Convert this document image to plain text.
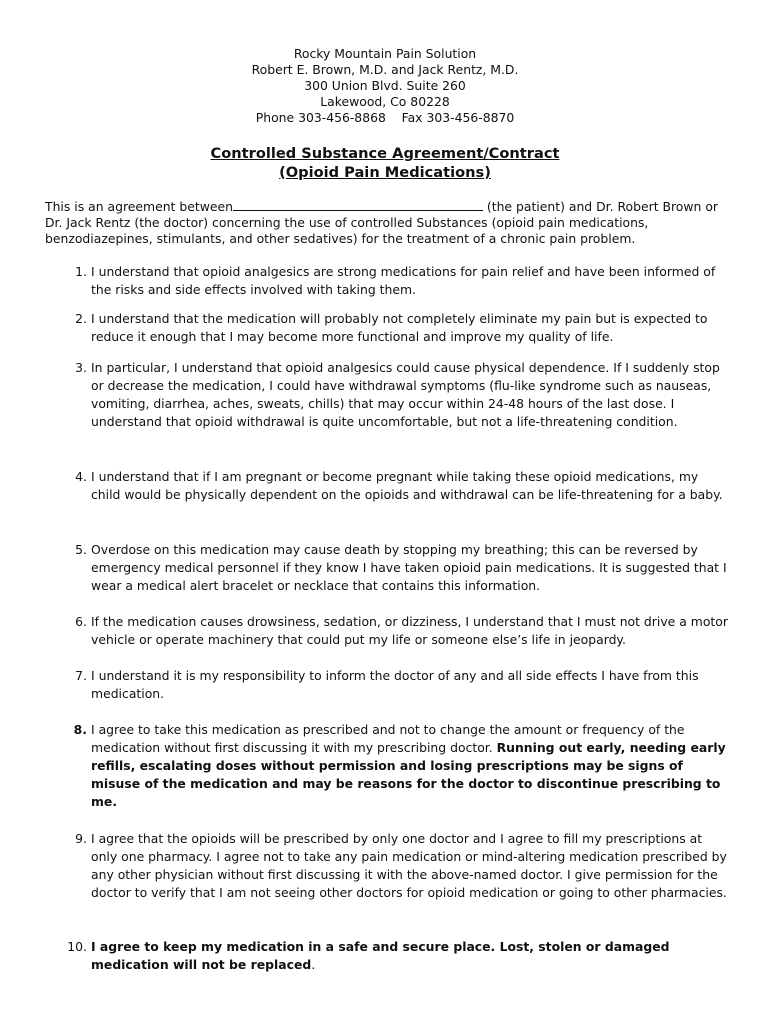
Rocky Mountain Pain Solution
Robert E. Brown, M.D. and Jack Rentz, M.D.
300 Union Blvd. Suite 260
Lakewood, Co 80228
Phone 303-456-8868    Fax 303-456-8870
Controlled Substance Agreement/Contract
(Opioid Pain Medications)
This is an agreement between	(the patient) and Dr. Robert Brown or Dr. Jack Rentz (the doctor) concerning the use of controlled Substances (opioid pain medications, benzodiazepines, stimulants, and other sedatives) for the treatment of a chronic pain problem.
1. I understand that opioid analgesics are strong medications for pain relief and have been informed of the risks and side effects involved with taking them.
2. I understand that the medication will probably not completely eliminate my pain but is expected to reduce it enough that I may become more functional and improve my quality of life.
3. In particular, I understand that opioid analgesics could cause physical dependence. If I suddenly stop or decrease the medication, I could have withdrawal symptoms (flu-like syndrome such as nauseas, vomiting, diarrhea, aches, sweats, chills) that may occur within 24-48 hours of the last dose. I understand that opioid withdrawal is quite uncomfortable, but not a life-threatening condition.
4. I understand that if I am pregnant or become pregnant while taking these opioid medications, my child would be physically dependent on the opioids and withdrawal can be life-threatening for a baby.
5. Overdose on this medication may cause death by stopping my breathing; this can be reversed by emergency medical personnel if they know I have taken opioid pain medications. It is suggested that I wear a medical alert bracelet or necklace that contains this information.
6. If the medication causes drowsiness, sedation, or dizziness, I understand that I must not drive a motor vehicle or operate machinery that could put my life or someone else’s life in jeopardy.
7. I understand it is my responsibility to inform the doctor of any and all side effects I have from this medication.
8. I agree to take this medication as prescribed and not to change the amount or frequency of the medication without first discussing it with my prescribing doctor. Running out early, needing early refills, escalating doses without permission and losing prescriptions may be signs of misuse of the medication and may be reasons for the doctor to discontinue prescribing to me.
9. I agree that the opioids will be prescribed by only one doctor and I agree to fill my prescriptions at only one pharmacy. I agree not to take any pain medication or mind-altering medication prescribed by any other physician without first discussing it with the above-named doctor. I give permission for the doctor to verify that I am not seeing other doctors for opioid medication or going to other pharmacies.
10. I agree to keep my medication in a safe and secure place. Lost, stolen or damaged medication will not be replaced.
